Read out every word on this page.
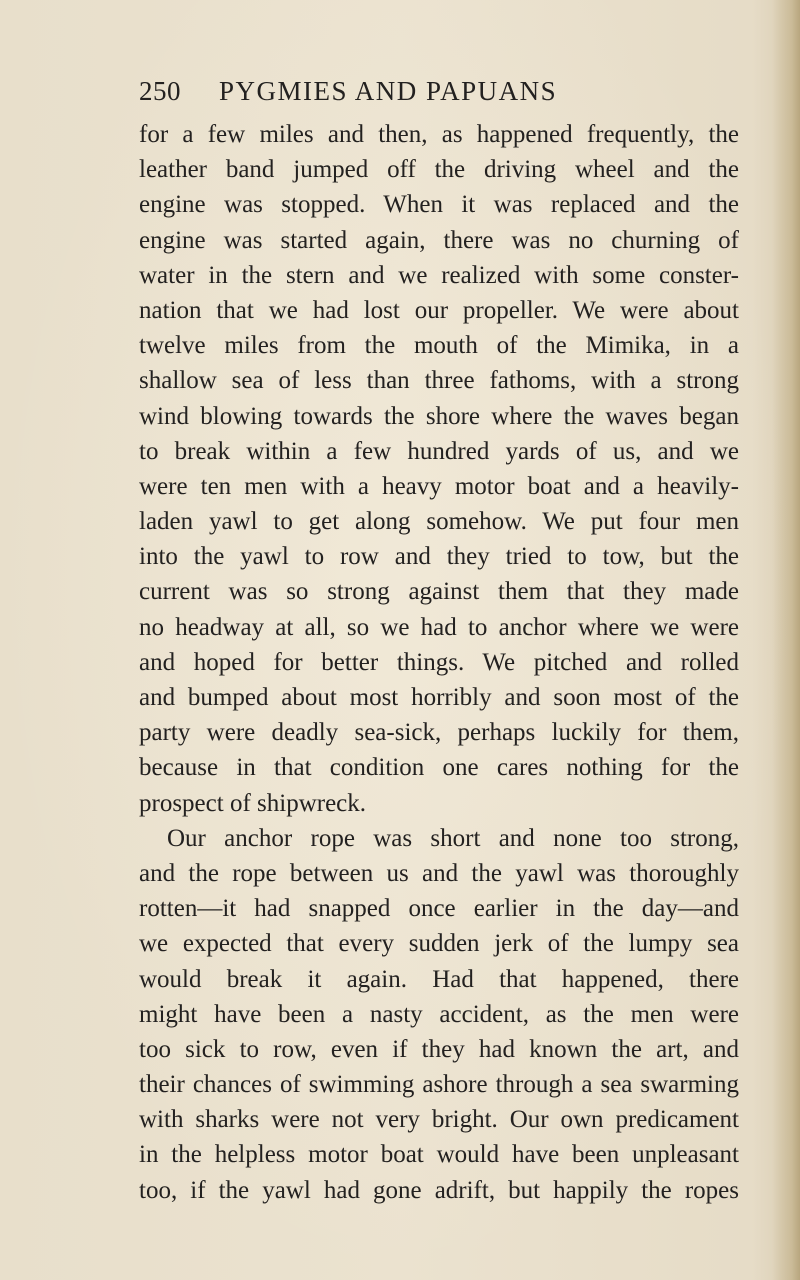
250 PYGMIES AND PAPUANS
for a few miles and then, as happened frequently, the
leather band jumped off the driving wheel and the
engine was stopped. When it was replaced and the
engine was started again, there was no churning of
water in the stern and we realized with some conster-
nation that we had lost our propeller. We were about
twelve miles from the mouth of the Mimika, in a
shallow sea of less than three fathoms, with a strong
wind blowing towards the shore where the waves began
to break within a few hundred yards of us, and we
were ten men with a heavy motor boat and a heavily-
laden yawl to get along somehow. We put four men
into the yawl to row and they tried to tow, but the
current was so strong against them that they made
no headway at all, so we had to anchor where we were
and hoped for better things. We pitched and rolled
and bumped about most horribly and soon most of the
party were deadly sea-sick, perhaps luckily for them,
because in that condition one cares nothing for the
prospect of shipwreck.
Our anchor rope was short and none too strong,
and the rope between us and the yawl was thoroughly
rotten—it had snapped once earlier in the day—and
we expected that every sudden jerk of the lumpy sea
would break it again. Had that happened, there
might have been a nasty accident, as the men were
too sick to row, even if they had known the art, and
their chances of swimming ashore through a sea swarming
with sharks were not very bright. Our own predicament
in the helpless motor boat would have been unpleasant
too, if the yawl had gone adrift, but happily the ropes
